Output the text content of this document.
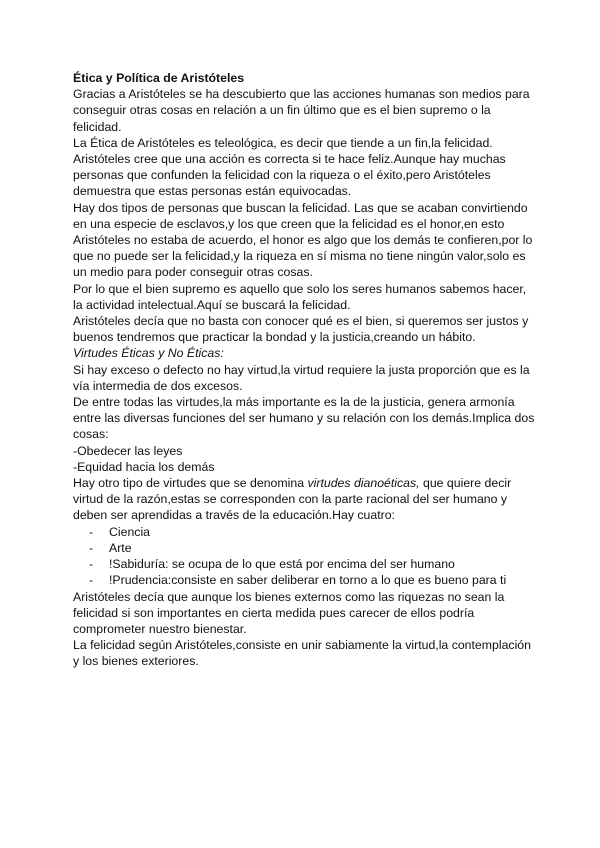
Ética y Política de Aristóteles

Gracias a Aristóteles se ha descubierto que las acciones humanas son medios para conseguir otras cosas en relación a un fin último que es el bien supremo o la felicidad.

La Ética de Aristóteles es teleológica, es decir que tiende a un fin,la felicidad. Aristóteles cree que una acción es correcta si te hace feliz.Aunque hay muchas personas que confunden la felicidad con la riqueza o el éxito,pero Aristóteles demuestra que estas personas están equivocadas.

Hay dos tipos de personas que buscan la felicidad. Las que se acaban convirtiendo en una especie de esclavos,y los que creen que la felicidad es el honor,en esto Aristóteles no estaba de acuerdo, el honor es algo que los demás te confieren,por lo que no puede ser la felicidad,y la riqueza en sí misma no tiene ningún valor,solo es un medio para poder conseguir otras cosas.

Por lo que el bien supremo es aquello que solo los seres humanos sabemos hacer, la actividad intelectual.Aquí se buscará la felicidad.

Aristóteles decía que no basta con conocer qué es el bien, si queremos ser justos y buenos tendremos que practicar la bondad y la justicia,creando un hábito.

Virtudes Éticas y No Éticas:

Si hay exceso o defecto no hay virtud,la virtud requiere la justa proporción que es la vía intermedia de dos excesos.

De entre todas las virtudes,la más importante es la de la justicia, genera armonía entre las diversas funciones del ser humano y su relación con los demás.Implica dos cosas:

-Obedecer las leyes

-Equidad hacia los demás

Hay otro tipo de virtudes que se denomina virtudes dianoéticas, que quiere decir virtud de la razón,estas se corresponden con la parte racional del ser humano y deben ser aprendidas a través de la educación.Hay cuatro:

- Ciencia
- Arte
- !Sabiduría: se ocupa de lo que está por encima del ser humano
- !Prudencia:consiste en saber deliberar en torno a lo que es bueno para ti

Aristóteles decía que aunque los bienes externos como las riquezas no sean la felicidad si son importantes en cierta medida pues carecer de ellos podría comprometer nuestro bienestar.

La felicidad según Aristóteles,consiste en unir sabiamente la virtud,la contemplación y los bienes exteriores.
